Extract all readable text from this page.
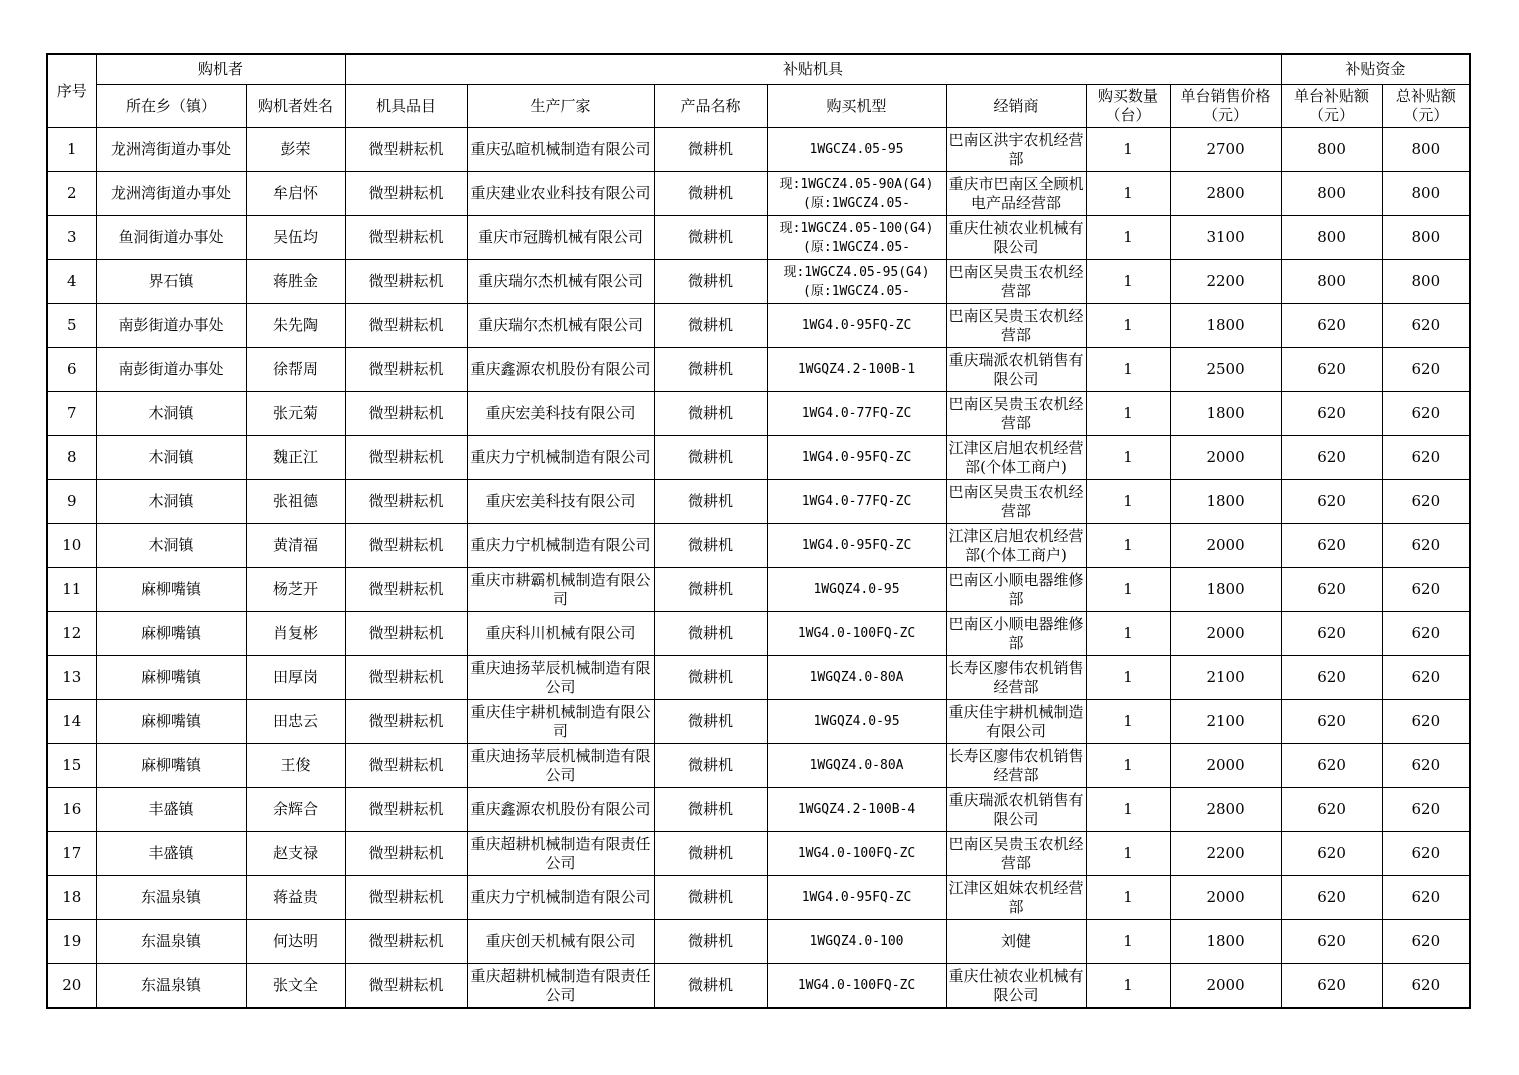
序号	购机者		补贴机具							补贴资金	
	所在乡（镇）	购机者姓名	机具品目	生产厂家	产品名称	购买机型	经销商	购买数量（台）	单台销售价格（元）	单台补贴额（元）	总补贴额（元）

1	龙洲湾街道办事处	彭荣	微型耕耘机	重庆弘暄机械制造有限公司	微耕机	1WGCZ4.05-95	巴南区洪宇农机经营部	1	2700	800	800

2	龙洲湾街道办事处	牟启怀	微型耕耘机	重庆建业农业科技有限公司	微耕机	现:1WGCZ4.05-90A(G4)(原:1WGCZ4.05-	重庆市巴南区全顾机电产品经营部	1	2800	800	800

3	鱼洞街道办事处	吴伍均	微型耕耘机	重庆市冠腾机械有限公司	微耕机	现:1WGCZ4.05-100(G4)(原:1WGCZ4.05-	重庆仕祯农业机械有限公司	1	3100	800	800

4	界石镇	蒋胜金	微型耕耘机	重庆瑞尔杰机械有限公司	微耕机	现:1WGCZ4.05-95(G4)(原:1WGCZ4.05-	巴南区吴贵玉农机经营部	1	2200	800	800

5	南彭街道办事处	朱先陶	微型耕耘机	重庆瑞尔杰机械有限公司	微耕机	1WG4.0-95FQ-ZC	巴南区吴贵玉农机经营部	1	1800	620	620

6	南彭街道办事处	徐帮周	微型耕耘机	重庆鑫源农机股份有限公司	微耕机	1WGQZ4.2-100B-1	重庆瑞派农机销售有限公司	1	2500	620	620

7	木洞镇	张元菊	微型耕耘机	重庆宏美科技有限公司	微耕机	1WG4.0-77FQ-ZC	巴南区吴贵玉农机经营部	1	1800	620	620

8	木洞镇	魏正江	微型耕耘机	重庆力宁机械制造有限公司	微耕机	1WG4.0-95FQ-ZC	江津区启旭农机经营部(个体工商户)	1	2000	620	620

9	木洞镇	张祖德	微型耕耘机	重庆宏美科技有限公司	微耕机	1WG4.0-77FQ-ZC	巴南区吴贵玉农机经营部	1	1800	620	620

10	木洞镇	黄清福	微型耕耘机	重庆力宁机械制造有限公司	微耕机	1WG4.0-95FQ-ZC	江津区启旭农机经营部(个体工商户)	1	2000	620	620

11	麻柳嘴镇	杨芝开	微型耕耘机	重庆市耕霸机械制造有限公司	微耕机	1WGQZ4.0-95	巴南区小顺电器维修部	1	1800	620	620

12	麻柳嘴镇	肖复彬	微型耕耘机	重庆科川机械有限公司	微耕机	1WG4.0-100FQ-ZC	巴南区小顺电器维修部	1	2000	620	620

13	麻柳嘴镇	田厚岗	微型耕耘机	重庆迪扬苹辰机械制造有限公司	微耕机	1WGQZ4.0-80A	长寿区廖伟农机销售经营部	1	2100	620	620

14	麻柳嘴镇	田忠云	微型耕耘机	重庆佳宇耕机械制造有限公司	微耕机	1WGQZ4.0-95	重庆佳宇耕机械制造有限公司	1	2100	620	620

15	麻柳嘴镇	王俊	微型耕耘机	重庆迪扬苹辰机械制造有限公司	微耕机	1WGQZ4.0-80A	长寿区廖伟农机销售经营部	1	2000	620	620

16	丰盛镇	余辉合	微型耕耘机	重庆鑫源农机股份有限公司	微耕机	1WGQZ4.2-100B-4	重庆瑞派农机销售有限公司	1	2800	620	620

17	丰盛镇	赵支禄	微型耕耘机	重庆超耕机械制造有限责任公司	微耕机	1WG4.0-100FQ-ZC	巴南区吴贵玉农机经营部	1	2200	620	620

18	东温泉镇	蒋益贵	微型耕耘机	重庆力宁机械制造有限公司	微耕机	1WG4.0-95FQ-ZC	江津区姐妹农机经营部	1	2000	620	620

19	东温泉镇	何达明	微型耕耘机	重庆创天机械有限公司	微耕机	1WGQZ4.0-100	刘健	1	1800	620	620

20	东温泉镇	张文全	微型耕耘机	重庆超耕机械制造有限责任公司	微耕机	1WG4.0-100FQ-ZC	重庆仕祯农业机械有限公司	1	2000	620	620
